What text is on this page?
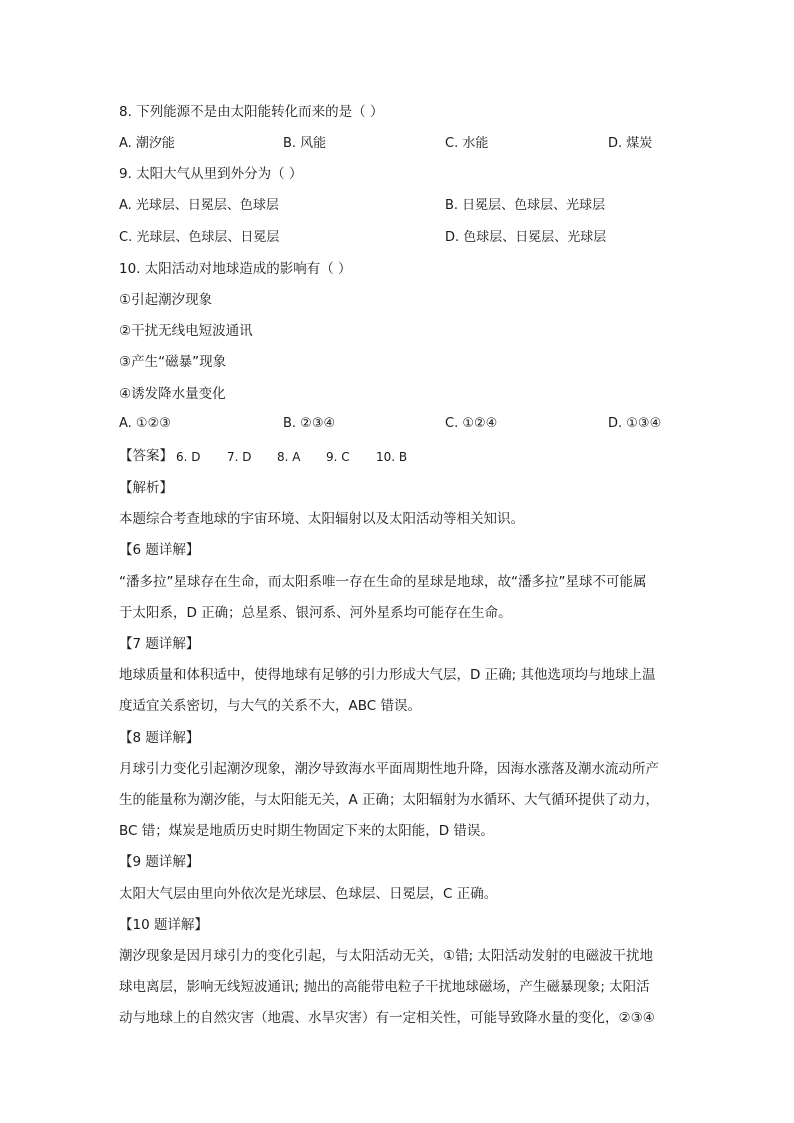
8. 下列能源不是由太阳能转化而来的是（ ）
A. 潮汐能	B. 风能	C. 水能	D. 煤炭
9. 太阳大气从里到外分为（ ）
A. 光球层、日冕层、色球层	B. 日冕层、色球层、光球层
C. 光球层、色球层、日冕层	D. 色球层、日冕层、光球层
10. 太阳活动对地球造成的影响有（ ）
①引起潮汐现象
②干扰无线电短波通讯
③产生“磁暴”现象
④诱发降水量变化
A. ①②③	B. ②③④	C. ①②④	D. ①③④
【答案】 6. D 7. D 8. A 9. C 10. B
【解析】
本题综合考查地球的宇宙环境、太阳辐射以及太阳活动等相关知识。
【6 题详解】
“潘多拉”星球存在生命，而太阳系唯一存在生命的星球是地球，故“潘多拉”星球不可能属
于太阳系，D 正确；总星系、银河系、河外星系均可能存在生命。
【7 题详解】
地球质量和体积适中，使得地球有足够的引力形成大气层，D 正确; 其他选项均与地球上温
度适宜关系密切，与大气的关系不大，ABC 错误。
【8 题详解】
月球引力变化引起潮汐现象，潮汐导致海水平面周期性地升降，因海水涨落及潮水流动所产
生的能量称为潮汐能，与太阳能无关，A 正确；太阳辐射为水循环、大气循环提供了动力，
BC 错；煤炭是地质历史时期生物固定下来的太阳能，D 错误。
【9 题详解】
太阳大气层由里向外依次是光球层、色球层、日冕层，C 正确。
【10 题详解】
潮汐现象是因月球引力的变化引起，与太阳活动无关，①错; 太阳活动发射的电磁波干扰地
球电离层，影响无线短波通讯; 抛出的高能带电粒子干扰地球磁场，产生磁暴现象; 太阳活
动与地球上的自然灾害（地震、水旱灾害）有一定相关性，可能导致降水量的变化，②③④
